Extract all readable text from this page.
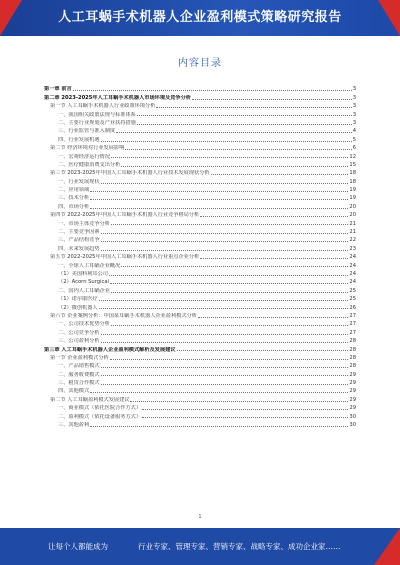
人工耳蜗手术机器人企业盈利模式策略研究报告
内容目录
第一章 前言	3
第二章 2023-2025年人工耳蜗手术机器人市场环境及竞争分析	3
第一节 人工耳蜗手术机器人行业政策环境分析	3
一、我国相关政策法规与标准体系	3
二、主要行业规划及产业扶持措施	3
三、行业监管与准入制度	4
四、行业发展机遇	5
第二节 经济环境对行业发展影响	6
一、宏观经济运行情况	12
二、医疗健康消费支出分析	15
第三节 2023-2025年中国人工耳蜗手术机器人行业技术发展现状分析	18
一、行业发展现状	18
二、应用领域	19
三、技术分析	19
四、市场分析	20
第四节 2022-2025年中国人工耳蜗手术机器人行业竞争格局分析	20
一、市场主体竞争分析	21
二、主要竞争因素	21
三、产品结构竞争	22
四、未来发展趋势	23
第五节 2022-2025年中国人工耳蜗手术机器人行业重点企业分析	24
一、全球人工耳蜗企业概况	24
（1）美国科利耳公司	24
（2）Acorn Surgical	24
二、国内人工耳蜗企业	25
（1）诺尔康医疗	25
（2）微创机器人	26
第六节 企业案例分析：中国某耳蜗手术机器人企业盈利模式分析	27
一、公司技术优势分析	27
二、公司竞争分析	27
三、公司盈利分析	28
第三章 人工耳蜗手术机器人企业盈利模式解析及发展建议	28
第一节 企业盈利模式分析	28
一、产品销售模式	28
二、服务收费模式	29
三、租赁合作模式	29
四、其他模式	29
第二节 人工耳蜗盈利模式发展建议	29
一、商业模式（依托医院合作方式）	29
二、盈利模式（依托设备服务方式）	30
三、其他盈利	30
1
让每个人都能成为	行业专家、管理专家、营销专家、战略专家、成功企业家……
